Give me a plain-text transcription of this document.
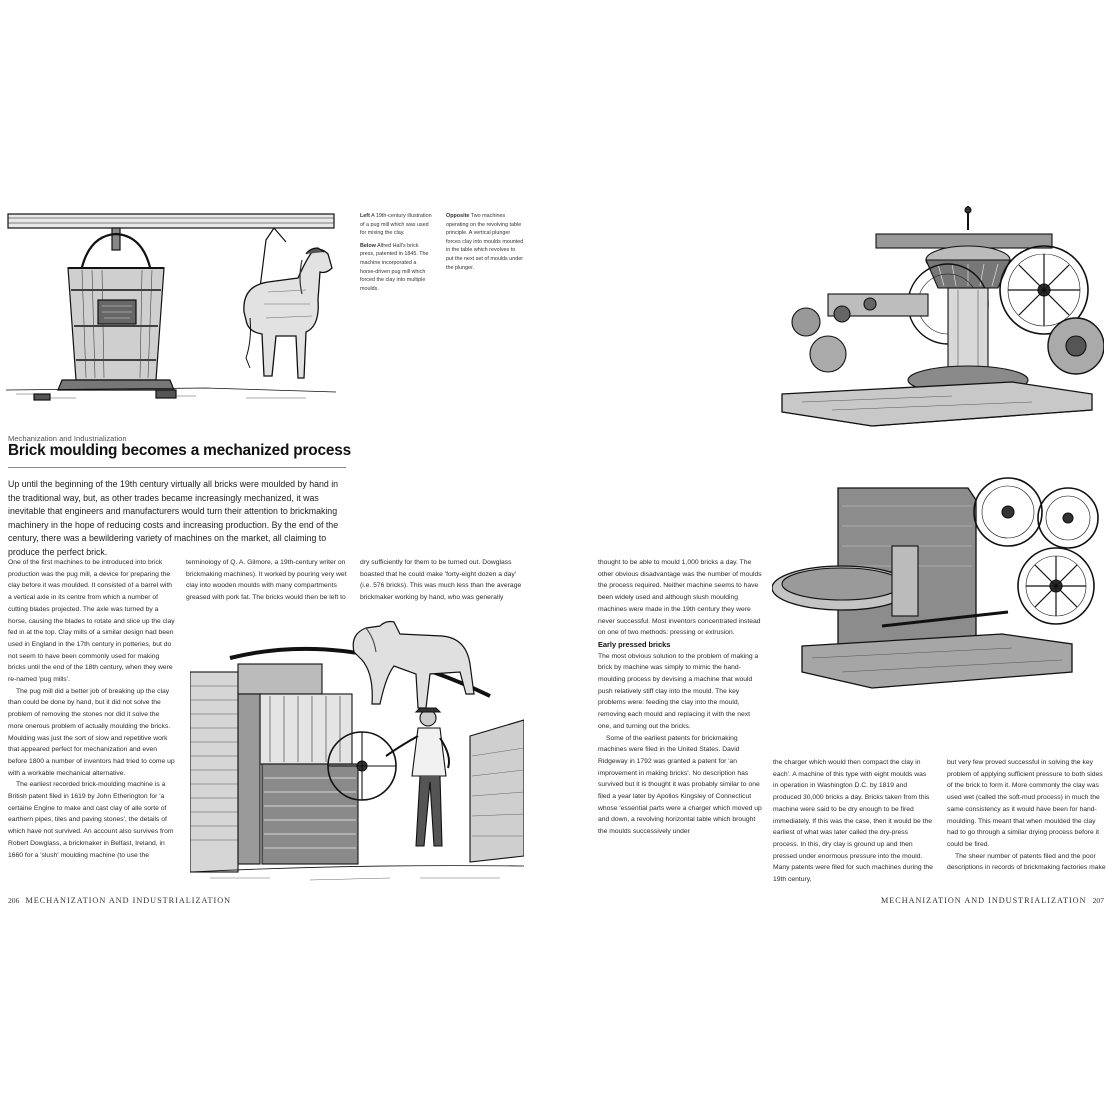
Left A 19th-century illustration of a pug mill which was used for mixing the clay.

Below Alfred Hall's brick press, patented in 1845. The machine incorporated a horse-driven pug mill which forced the clay into multiple moulds.

Opposite Two machines operating on the revolving table principle. A vertical plunger forces clay into moulds mounted in the table which revolves to put the next set of moulds under the plunger.

Mechanization and Industrialization
Brick moulding becomes a mechanized process
Up until the beginning of the 19th century virtually all bricks were moulded by hand in the traditional way, but, as other trades became increasingly mechanized, it was inevitable that engineers and manufacturers would turn their attention to brickmaking machinery in the hope of reducing costs and increasing production. By the end of the century, there was a bewildering variety of machines on the market, all claiming to produce the perfect brick.

One of the first machines to be introduced into brick production was the pug mill, a device for preparing the clay before it was moulded. It consisted of a barrel with a vertical axle in its centre from which a number of cutting blades projected. The axle was turned by a horse, causing the blades to rotate and slice up the clay fed in at the top. Clay mills of a similar design had been used in England in the 17th century in potteries, but do not seem to have been commonly used for making bricks until the end of the 18th century, when they were re-named 'pug mills'.

The pug mill did a better job of breaking up the clay than could be done by hand, but it did not solve the problem of removing the stones nor did it solve the more onerous problem of actually moulding the bricks. Moulding was just the sort of slow and repetitive work that appeared perfect for mechanization and even before 1800 a number of inventors had tried to come up with a workable mechanical alternative.

The earliest recorded brick-moulding machine is a British patent filed in 1619 by John Etherington for 'a certaine Engine to make and cast clay of alle sorte of earthern pipes, tiles and paving stones', the details of which have not survived. An account also survives from Robert Dowglass, a brickmaker in Belfast, Ireland, in 1660 for a 'slush' moulding machine (to use the

terminology of Q. A. Gilmore, a 19th-century writer on brickmaking machines). It worked by pouring very wet clay into wooden moulds with many compartments greased with pork fat. The bricks would then be left to

dry sufficiently for them to be turned out. Dowglass boasted that he could make 'forty-eight dozen a day' (i.e. 576 bricks). This was much less than the average brickmaker working by hand, who was generally

206 MECHANIZATION AND INDUSTRIALIZATION

thought to be able to mould 1,000 bricks a day. The other obvious disadvantage was the number of moulds the process required. Neither machine seems to have been widely used and although slush moulding machines were made in the 19th century they were never successful. Most inventors concentrated instead on one of two methods: pressing or extrusion.

Early pressed bricks

The most obvious solution to the problem of making a brick by machine was simply to mimic the hand-moulding process by devising a machine that would push relatively stiff clay into the mould. The key problems were: feeding the clay into the mould, removing each mould and replacing it with the next one, and turning out the bricks.

Some of the earliest patents for brickmaking machines were filed in the United States. David Ridgeway in 1792 was granted a patent for 'an improvement in making bricks'. No description has survived but it is thought it was probably similar to one filed a year later by Apollos Kingsley of Connecticut whose 'essential parts were a charger which moved up and down, a revolving horizontal table which brought the moulds successively under

the charger which would then compact the clay in each'. A machine of this type with eight moulds was in operation in Washington D.C. by 1819 and produced 30,000 bricks a day. Bricks taken from this machine were said to be dry enough to be fired immediately. If this was the case, then it would be the earliest of what was later called the dry-press process. In this, dry clay is ground up and then pressed under enormous pressure into the mould. Many patents were filed for such machines during the 19th century,

but very few proved successful in solving the key problem of applying sufficient pressure to both sides of the brick to form it. More commonly the clay was used wet (called the soft-mud process) in much the same consistency as it would have been for hand-moulding. This meant that when moulded the clay had to go through a similar drying process before it could be fired.

The sheer number of patents filed and the poor descriptions in records of brickmaking factories make

MECHANIZATION AND INDUSTRIALIZATION 207
